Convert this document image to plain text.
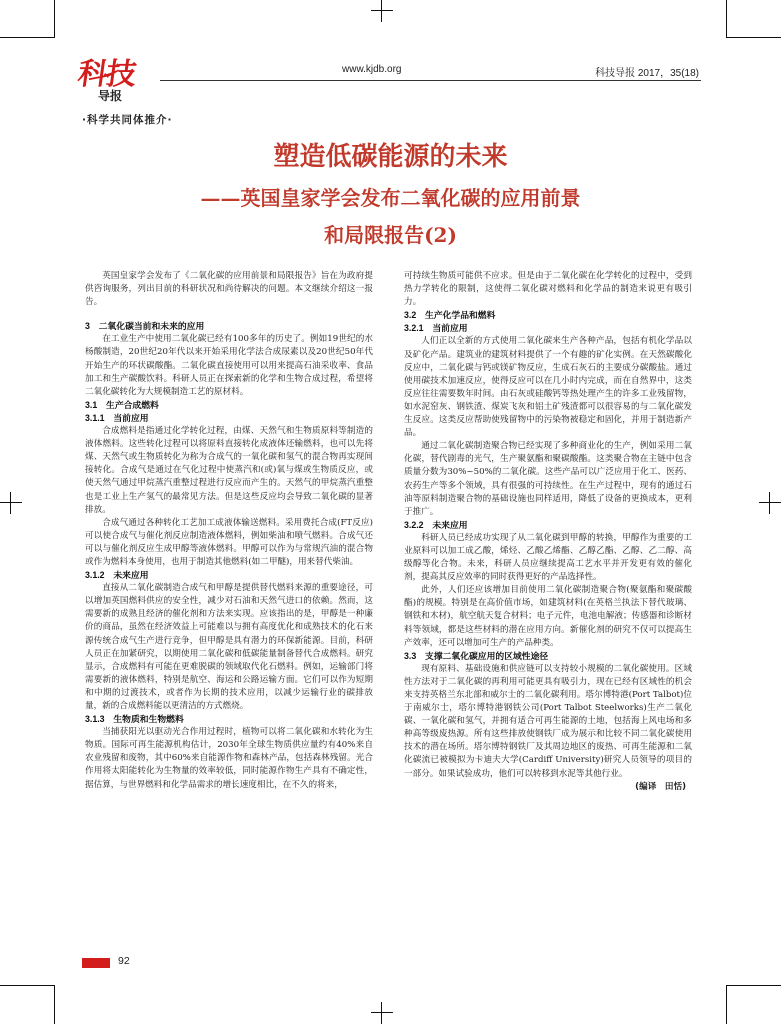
科技
导报
www.kjdb.org	科技导报 2017，35(18)
·科学共同体推介·
塑造低碳能源的未来
——英国皇家学会发布二氧化碳的应用前景
和局限报告(2)

英国皇家学会发布了《二氧化碳的应用前景和局限报告》旨在为政府提供咨询服务，列出目前的科研状况和尚待解决的问题。本文继续介绍这一报告。

3　二氧化碳当前和未来的应用

在工业生产中使用二氧化碳已经有100多年的历史了。例如19世纪的水杨酸制造，20世纪20年代以来开始采用化学法合成尿素以及20世纪50年代开始生产的环状碳酸酯。二氧化碳直接使用可以用来提高石油采收率、食品加工和生产碳酸饮料。科研人员正在探索新的化学和生物合成过程，希望将二氧化碳转化为大规模制造工艺的原材料。

3.1　生产合成燃料
3.1.1　当前应用

合成燃料是指通过化学转化过程，由煤、天然气和生物质原料等制造的液体燃料。这些转化过程可以将原料直接转化成液体还输燃料，也可以先将煤、天然气或生物质转化为称为合成气的一氧化碳和氢气的混合物再实现间接转化。合成气是通过在气化过程中使蒸汽和(或)氧与煤或生物质反应，或使天然气通过甲烷蒸汽重整过程进行反应而产生的。天然气的甲烷蒸汽重整也是工业上生产氢气的最常见方法。但是这些反应均会导致二氧化碳的显著排放。

合成气通过各种转化工艺加工成液体输送燃料。采用费托合成(FT反应)可以使合成气与催化剂反应制造液体燃料，例如柴油和喷气燃料。合成气还可以与催化剂反应生成甲醇等液体燃料。甲醇可以作为与常规汽油的混合物或作为燃料本身使用，也用于制造其他燃料(如二甲醚)，用来替代柴油。

3.1.2　未来应用

直接从二氧化碳制造合成气和甲醇是提供替代燃料来源的重要途径，可以增加英国燃料供应的安全性，减少对石油和天然气进口的依赖。然而，这需要新的成熟且经济的催化剂和方法来实现。应该指出的是，甲醇是一种廉价的商品，虽然在经济效益上可能难以与拥有高度优化和成熟技术的化石来源传统合成气生产进行竞争，但甲醇是具有潜力的环保新能源。目前，科研人员正在加紧研究，以期使用二氧化碳和低碳能量制备替代合成燃料。研究显示，合成燃料有可能在更难脱碳的领域取代化石燃料。例如，运输部门将需要新的液体燃料，特别是航空、海运和公路运输方面。它们可以作为短期和中期的过渡技术，或者作为长期的技术应用，以减少运输行业的碳排放量，新的合成燃料能以更清洁的方式燃烧。

3.1.3　生物质和生物燃料

当捕获阳光以驱动光合作用过程时，植物可以将二氧化碳和水转化为生物质。国际可再生能源机构估计，2030年全球生物质供应量约有40%来自农业残留和废物，其中60%来自能源作物和森林产品，包括森林残留。光合作用将太阳能转化为生物量的效率较低，同时能源作物生产具有不确定性，据估算，与世界燃料和化学品需求的增长速度相比，在不久的将来，

可持续生物质可能供不应求。但是由于二氧化碳在化学转化的过程中，受到热力学转化的限制，这使得二氧化碳对燃料和化学品的制造来说更有吸引力。

3.2　生产化学品和燃料
3.2.1　当前应用

人们正以全新的方式使用二氧化碳来生产各种产品，包括有机化学品以及矿化产品。建筑业的建筑材料提供了一个有趣的矿化实例。在天然碳酸化反应中，二氧化碳与钙或镁矿物反应，生成石灰石的主要成分碳酸盐。通过使用碳技术加速反应，使得反应可以在几小时内完成，而在自然界中，这类反应往往需要数年时间。由石灰或硅酸钙等热处理产生的许多工业残留物，如水泥窑灰、钢铁渣、煤炭飞灰和铝土矿残渣都可以很容易的与二氧化碳发生反应。这类反应帮助使残留物中的污染物被稳定和固化，并用于制造新产品。

通过二氧化碳制造聚合物已经实现了多种商业化的生产，例如采用二氧化碳，替代剧毒的光气，生产聚氨酯和聚碳酸酯。这类聚合物在主链中包含质量分数为30%~50%的二氧化碳。这些产品可以广泛应用于化工、医药、农药生产等多个领域，具有很强的可持续性。在生产过程中，现有的通过石油等原料制造聚合物的基础设施也同样适用，降低了设备的更换成本，更利于推广。

3.2.2　未来应用

科研人员已经成功实现了从二氧化碳到甲醇的转换，甲醇作为重要的工业原料可以加工成乙酸，烯烃、乙酸乙烯酯、乙醇乙酯、乙醇、乙二醇、高级醇等化合物。未来，科研人员应继续提高工艺水平并开发更有效的催化剂，提高其反应效率的同时获得更好的产品选择性。

此外，人们还应该增加目前使用二氧化碳制造聚合物(聚氨酯和聚碳酸酯)的规模。特别是在高价值市场，如建筑材料(在英格兰执法下替代玻璃、钢铁和木材)，航空航天复合材料；电子元件，电池电解液；传感器和诊断材料等领域，都是这些材料的潜在应用方向。新催化剂的研究不仅可以提高生产效率，还可以增加可生产的产品种类。

3.3　支撑二氧化碳应用的区域性途径

现有原料、基础设施和供应链可以支持较小规模的二氧化碳使用。区域性方法对于二氧化碳的再利用可能更具有吸引力，现在已经有区域性的机会来支持英格兰东北部和威尔士的二氧化碳利用。塔尔博特港(Port Talbot)位于南威尔士，塔尔博特港钢铁公司(Port Talbot Steelworks)生产二氧化碳、一氧化碳和氢气，并拥有适合可再生能源的土地，包括海上风电场和多种高等级废热源。所有这些排放使钢铁厂成为展示和比较不同二氧化碳使用技术的潜在场所。塔尔博特钢铁厂及其周边地区的废热、可再生能源和二氧化碳流已被模拟为卡迪夫大学(Cardiff University)研究人员领导的项目的一部分。如果试验成功，他们可以转移到水泥等其他行业。

(编译　田恬)

92
